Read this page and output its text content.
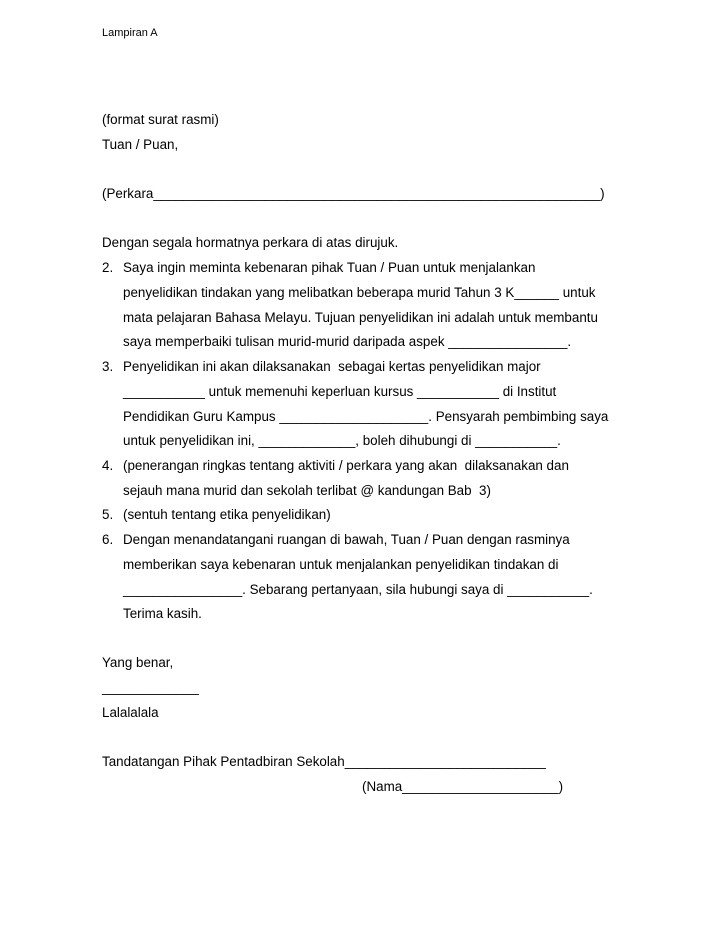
Lampiran A
(format surat rasmi)
Tuan / Puan,
(Perkara____________________________________________________________)
Dengan segala hormatnya perkara di atas dirujuk.
2. Saya ingin meminta kebenaran pihak Tuan / Puan untuk menjalankan
penyelidikan tindakan yang melibatkan beberapa murid Tahun 3 K______ untuk
mata pelajaran Bahasa Melayu. Tujuan penyelidikan ini adalah untuk membantu
saya memperbaiki tulisan murid-murid daripada aspek ________________.
3. Penyelidikan ini akan dilaksanakan  sebagai kertas penyelidikan major
___________ untuk memenuhi keperluan kursus ___________ di Institut
Pendidikan Guru Kampus ____________________. Pensyarah pembimbing saya
untuk penyelidikan ini, _____________, boleh dihubungi di ___________.
4. (penerangan ringkas tentang aktiviti / perkara yang akan  dilaksanakan dan
sejauh mana murid dan sekolah terlibat @ kandungan Bab  3)
5. (sentuh tentang etika penyelidikan)
6. Dengan menandatangani ruangan di bawah, Tuan / Puan dengan rasminya
memberikan saya kebenaran untuk menjalankan penyelidikan tindakan di
________________. Sebarang pertanyaan, sila hubungi saya di ___________.
Terima kasih.
Yang benar,
_____________
Lalalalala
Tandatangan Pihak Pentadbiran Sekolah___________________________
(Nama_____________________)
